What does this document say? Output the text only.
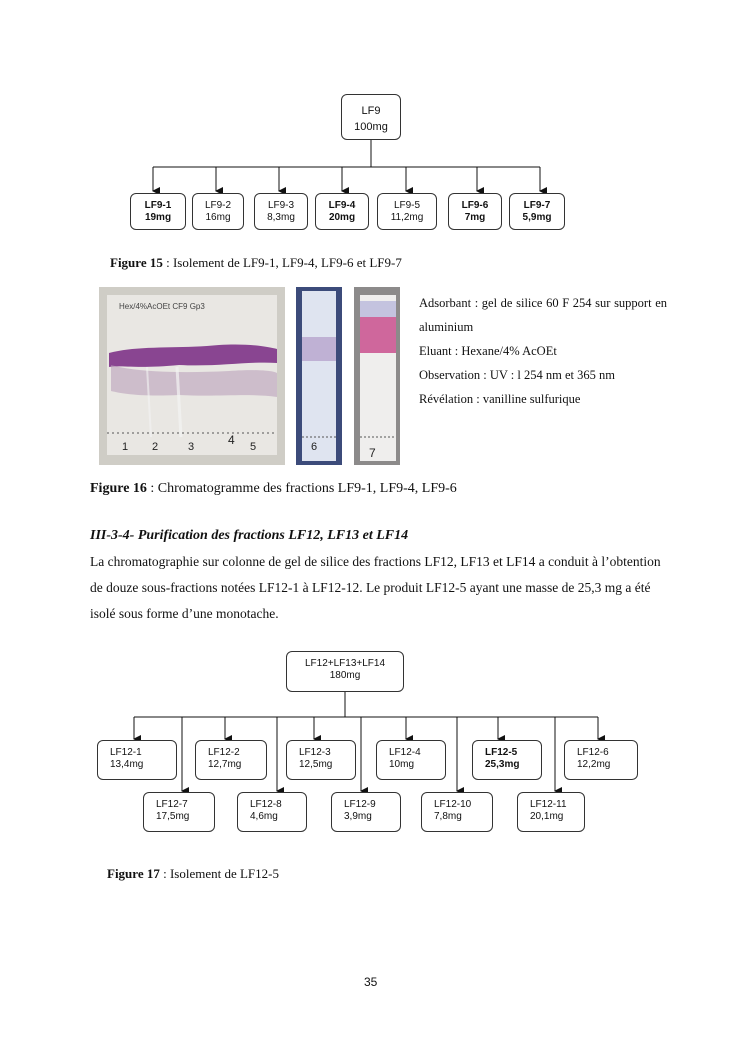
LF9
100mg
LF9-1
19mg
LF9-2
16mg
LF9-3
8,3mg
LF9-4
20mg
LF9-5
11,2mg
LF9-6
7mg
LF9-7
5,9mg
Figure 15 : Isolement de LF9-1, LF9-4, LF9-6 et LF9-7
Hex/4%AcOEt CF9 Gp3
1 2	3	4 5	6	7
Adsorbant : gel de silice 60 F 254 sur support en aluminium
Eluant : Hexane/4% AcOEt
Observation : UV : l 254 nm et 365 nm
Révélation : vanilline sulfurique
Figure 16 : Chromatogramme des fractions LF9-1, LF9-4, LF9-6
III-3-4- Purification des fractions LF12, LF13 et LF14
La chromatographie sur colonne de gel de silice des fractions LF12, LF13 et LF14 a conduit à l’obtention de douze sous-fractions notées LF12-1 à LF12-12. Le produit LF12-5 ayant une masse de 25,3 mg a été isolé sous forme d’une monotache.
LF12+LF13+LF14
180mg
LF12-1
13,4mg
LF12-2
12,7mg
LF12-3
12,5mg
LF12-4
10mg
LF12-5
25,3mg
LF12-6
12,2mg
LF12-7
17,5mg
LF12-8
4,6mg
LF12-9
3,9mg
LF12-10
7,8mg
LF12-11
20,1mg
Figure 17 : Isolement de LF12-5
35
